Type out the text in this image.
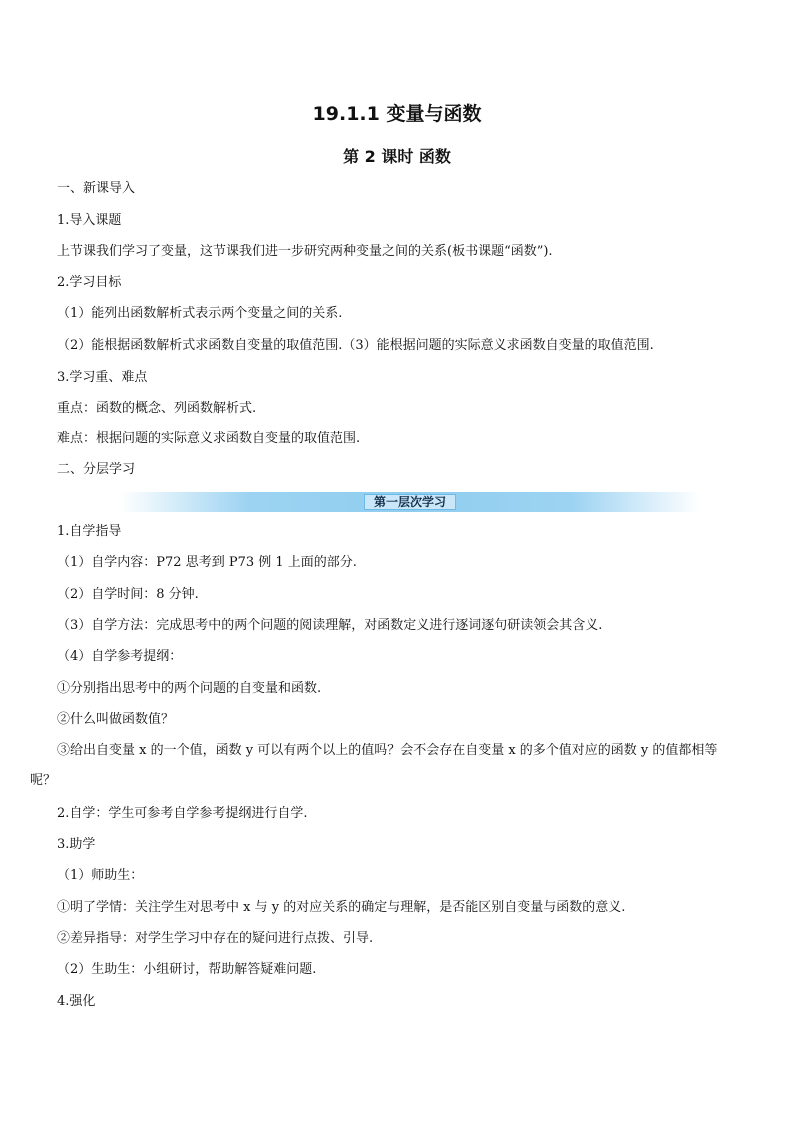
19.1.1 变量与函数
第 2 课时 函数
一、新课导入
1.导入课题
上节课我们学习了变量，这节课我们进一步研究两种变量之间的关系(板书课题“函数”).
2.学习目标
（1）能列出函数解析式表示两个变量之间的关系.
（2）能根据函数解析式求函数自变量的取值范围.（3）能根据问题的实际意义求函数自变量的取值范围.
3.学习重、难点
重点：函数的概念、列函数解析式.
难点：根据问题的实际意义求函数自变量的取值范围.
二、分层学习
第一层次学习
1.自学指导
（1）自学内容：P72 思考到 P73 例 1 上面的部分.
（2）自学时间：8 分钟.
（3）自学方法：完成思考中的两个问题的阅读理解，对函数定义进行逐词逐句研读领会其含义.
（4）自学参考提纲：
①分别指出思考中的两个问题的自变量和函数.
②什么叫做函数值？
③给出自变量 x 的一个值，函数 y 可以有两个以上的值吗？会不会存在自变量 x 的多个值对应的函数 y 的值都相等
呢？
2.自学：学生可参考自学参考提纲进行自学.
3.助学
（1）师助生：
①明了学情：关注学生对思考中 x 与 y 的对应关系的确定与理解，是否能区别自变量与函数的意义.
②差异指导：对学生学习中存在的疑问进行点拨、引导.
（2）生助生：小组研讨，帮助解答疑难问题.
4.强化
